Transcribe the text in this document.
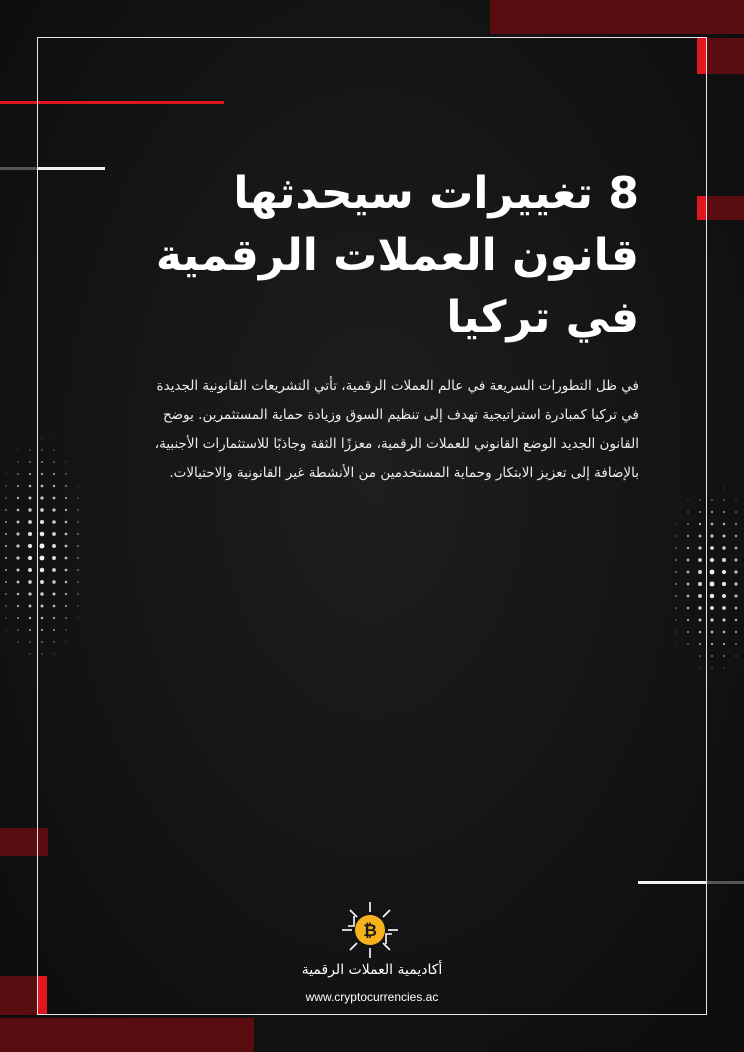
8 تغييرات سيحدثها
قانون العملات الرقمية
في تركيا

في ظل التطورات السريعة في عالم العملات الرقمية، تأتي التشريعات القانونية الجديدة في تركيا كمبادرة استراتيجية تهدف إلى تنظيم السوق وزيادة حماية المستثمرين. يوضح القانون الجديد الوضع القانوني للعملات الرقمية، معززًا الثقة وجاذبًا للاستثمارات الأجنبية، بالإضافة إلى تعزيز الابتكار وحماية المستخدمين من الأنشطة غير القانونية والاحتيالات.

₿
أكاديمية العملات الرقمية
www.cryptocurrencies.ac
